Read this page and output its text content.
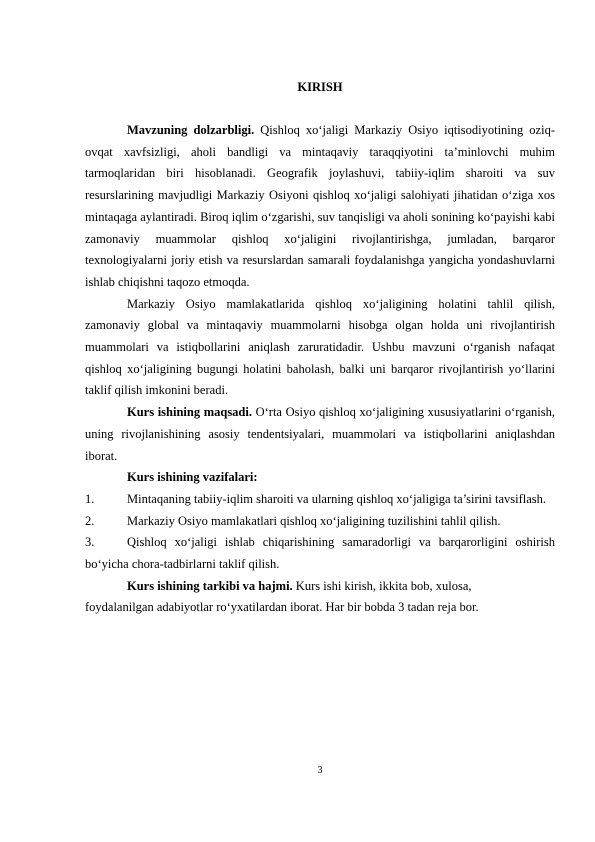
KIRISH

Mavzuning dolzarbligi. Qishloq xo‘jaligi Markaziy Osiyo iqtisodiyotining oziq-ovqat xavfsizligi, aholi bandligi va mintaqaviy taraqqiyotini ta’minlovchi muhim tarmoqlaridan biri hisoblanadi. Geografik joylashuvi, tabiiy-iqlim sharoiti va suv resurslarining mavjudligi Markaziy Osiyoni qishloq xo‘jaligi salohiyati jihatidan o‘ziga xos mintaqaga aylantiradi. Biroq iqlim o‘zgarishi, suv tanqisligi va aholi sonining ko‘payishi kabi zamonaviy muammolar qishloq xo‘jaligini rivojlantirishga, jumladan, barqaror texnologiyalarni joriy etish va resurslardan samarali foydalanishga yangicha yondashuvlarni ishlab chiqishni taqozo etmoqda.

Markaziy Osiyo mamlakatlarida qishloq xo‘jaligining holatini tahlil qilish, zamonaviy global va mintaqaviy muammolarni hisobga olgan holda uni rivojlantirish muammolari va istiqbollarini aniqlash zaruratidadir. Ushbu mavzuni o‘rganish nafaqat qishloq xo‘jaligining bugungi holatini baholash, balki uni barqaror rivojlantirish yo‘llarini taklif qilish imkonini beradi.

Kurs ishining maqsadi. O‘rta Osiyo qishloq xo‘jaligining xususiyatlarini o‘rganish, uning rivojlanishining asosiy tendentsiyalari, muammolari va istiqbollarini aniqlashdan iborat.

Kurs ishining vazifalari:

1.	Mintaqaning tabiiy-iqlim sharoiti va ularning qishloq xo‘jaligiga ta’sirini tavsiflash.

2.	Markaziy Osiyo mamlakatlari qishloq xo‘jaligining tuzilishini tahlil qilish.

3.	Qishloq xo‘jaligi ishlab chiqarishining samaradorligi va barqarorligini oshirish bo‘yicha chora-tadbirlarni taklif qilish.

Kurs ishining tarkibi va hajmi. Kurs ishi kirish, ikkita bob, xulosa,

foydalanilgan adabiyotlar ro‘yxatilardan iborat. Har bir bobda 3 tadan reja bor.

3
